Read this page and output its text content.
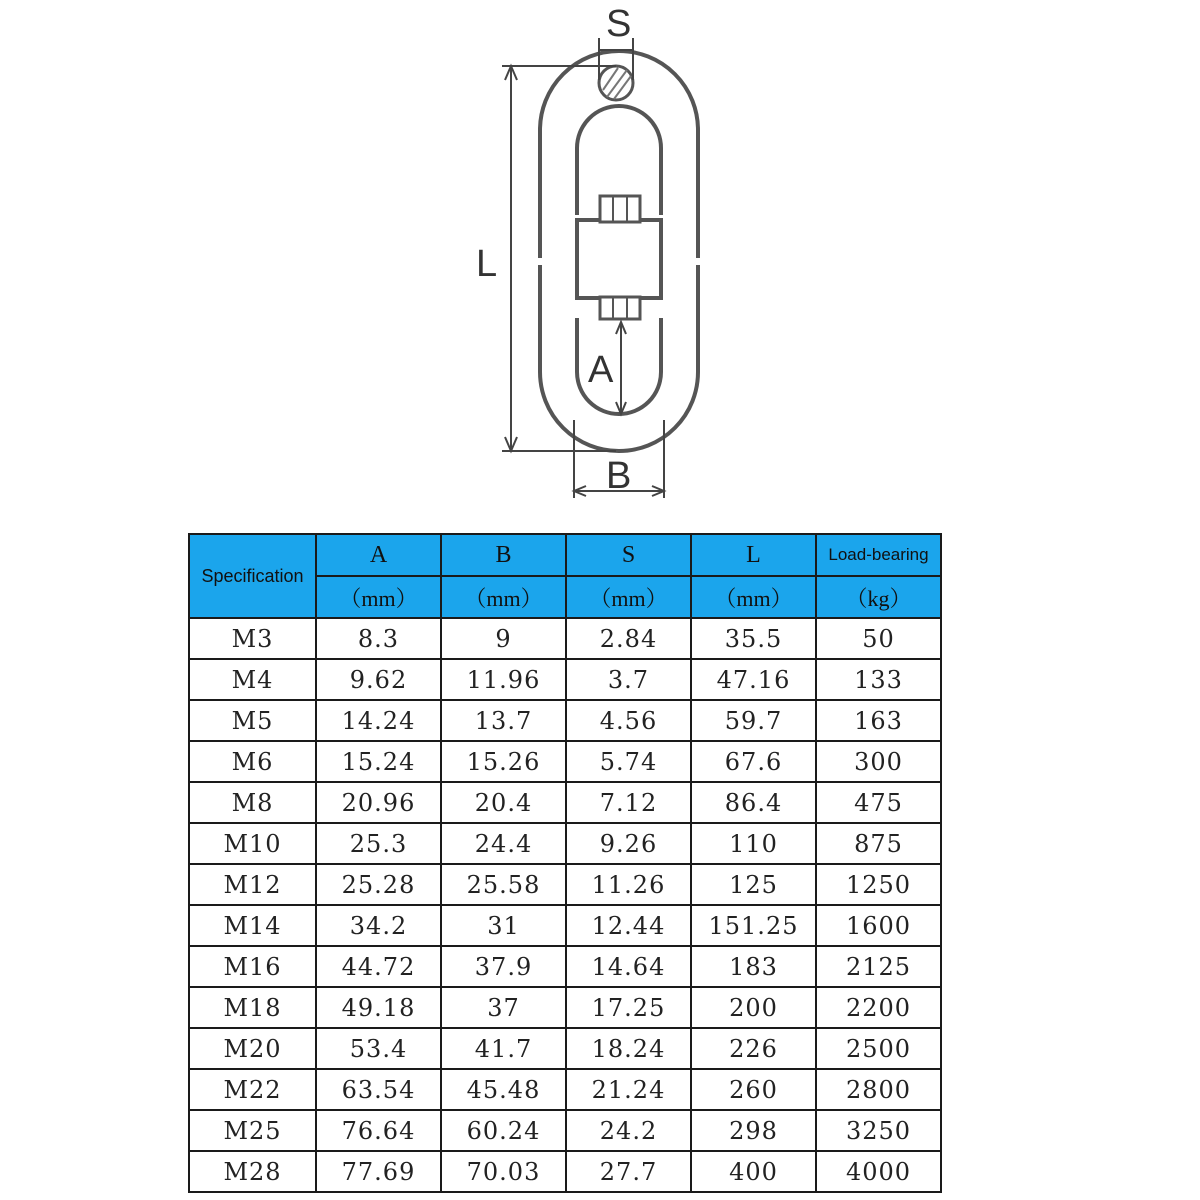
S
L
A
B
Specification	A	B	S	L	Load-bearing
	（mm）	（mm）	（mm）	（mm）	（kg）
M3	8.3	9	2.84	35.5	50
M4	9.62	11.96	3.7	47.16	133
M5	14.24	13.7	4.56	59.7	163
M6	15.24	15.26	5.74	67.6	300
M8	20.96	20.4	7.12	86.4	475
M10	25.3	24.4	9.26	110	875
M12	25.28	25.58	11.26	125	1250
M14	34.2	31	12.44	151.25	1600
M16	44.72	37.9	14.64	183	2125
M18	49.18	37	17.25	200	2200
M20	53.4	41.7	18.24	226	2500
M22	63.54	45.48	21.24	260	2800
M25	76.64	60.24	24.2	298	3250
M28	77.69	70.03	27.7	400	4000
